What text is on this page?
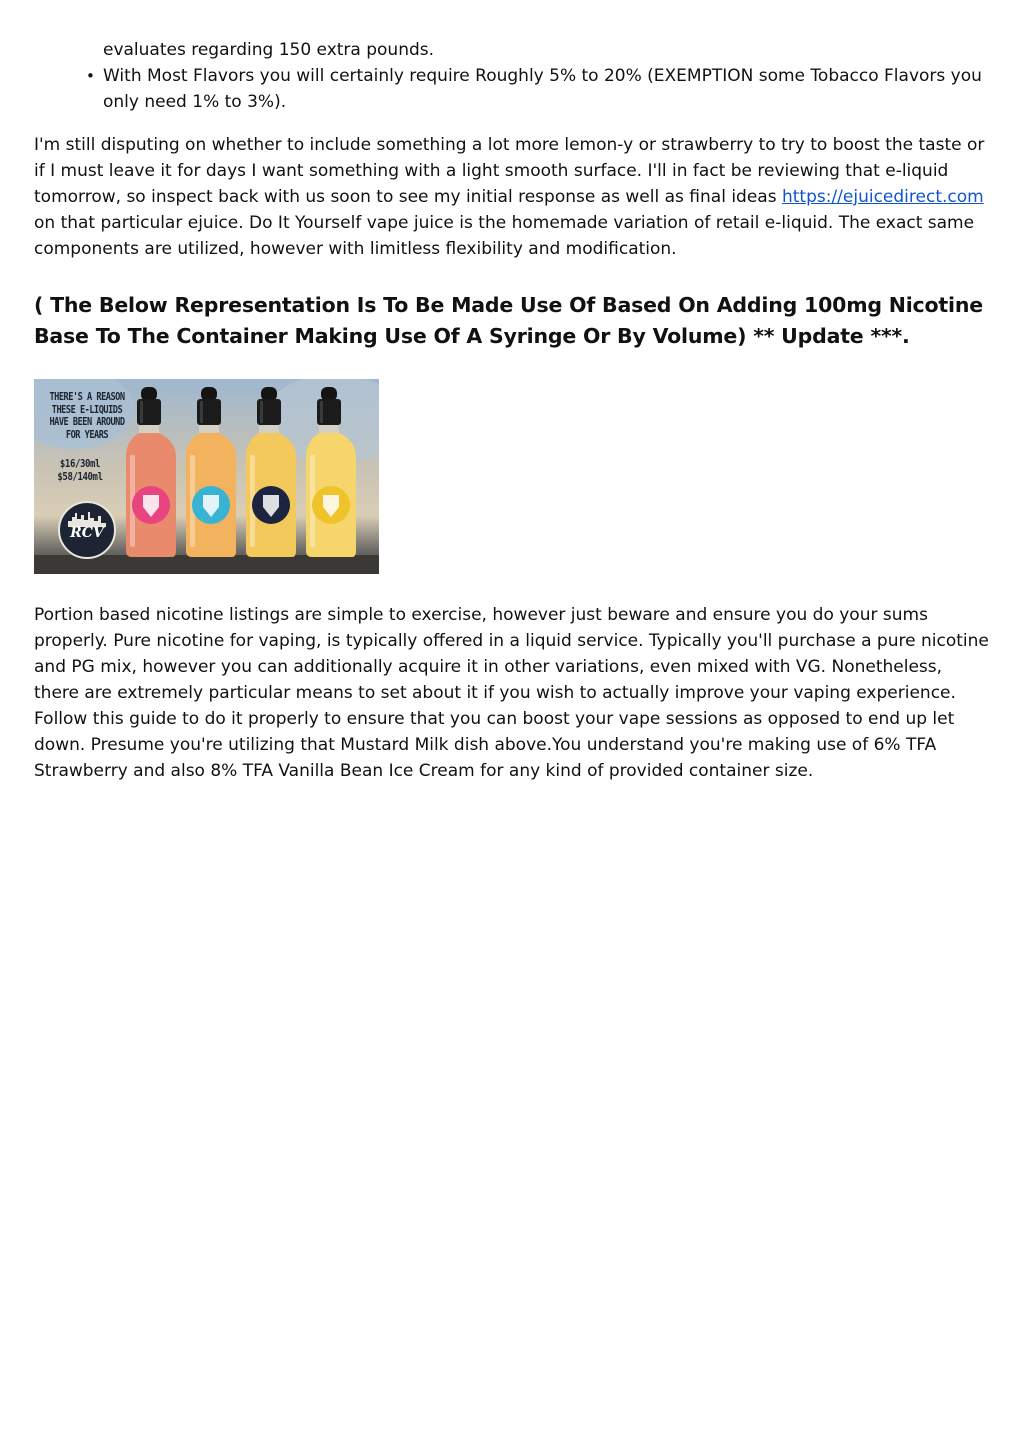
evaluates regarding 150 extra pounds.

• With Most Flavors you will certainly require Roughly 5% to 20% (EXEMPTION some Tobacco Flavors you only need 1% to 3%).

I'm still disputing on whether to include something a lot more lemon-y or strawberry to try to boost the taste or if I must leave it for days I want something with a light smooth surface. I'll in fact be reviewing that e-liquid tomorrow, so inspect back with us soon to see my initial response as well as final ideas https://ejuicedirect.com on that particular ejuice. Do It Yourself vape juice is the homemade variation of retail e-liquid. The exact same components are utilized, however with limitless flexibility and modification.

( The Below Representation Is To Be Made Use Of Based On Adding 100mg Nicotine Base To The Container Making Use Of A Syringe Or By Volume) ** Update ***.
THERE'S A REASON
THESE E-LIQUIDS
HAVE BEEN AROUND
FOR YEARS
$16/30ml
$58/140ml
RCV

Portion based nicotine listings are simple to exercise, however just beware and ensure you do your sums properly. Pure nicotine for vaping, is typically offered in a liquid service. Typically you'll purchase a pure nicotine and PG mix, however you can additionally acquire it in other variations, even mixed with VG. Nonetheless, there are extremely particular means to set about it if you wish to actually improve your vaping experience. Follow this guide to do it properly to ensure that you can boost your vape sessions as opposed to end up let down. Presume you're utilizing that Mustard Milk dish above.You understand you're making use of 6% TFA Strawberry and also 8% TFA Vanilla Bean Ice Cream for any kind of provided container size.
